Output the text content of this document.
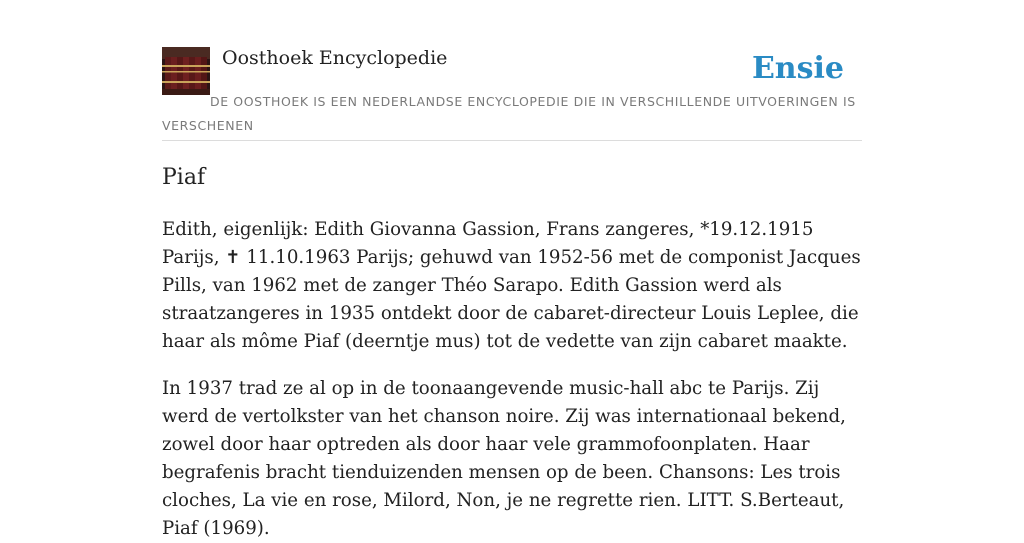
Oosthoek Encyclopedie	Ensie
DE OOSTHOEK IS EEN NEDERLANDSE ENCYCLOPEDIE DIE IN VERSCHILLENDE UITVOERINGEN IS VERSCHENEN
Piaf

Edith, eigenlijk: Edith Giovanna Gassion, Frans zangeres, *19.12.1915 Parijs, ✝ 11.10.1963 Parijs; gehuwd van 1952-56 met de componist Jacques Pills, van 1962 met de zanger Théo Sarapo. Edith Gassion werd als straatzangeres in 1935 ontdekt door de cabaret-directeur Louis Leplee, die haar als môme Piaf (deerntje mus) tot de vedette van zijn cabaret maakte.

In 1937 trad ze al op in de toonaangevende music-hall abc te Parijs. Zij werd de vertolkster van het chanson noire. Zij was internationaal bekend, zowel door haar optreden als door haar vele grammofoonplaten. Haar begrafenis bracht tienduizenden mensen op de been. Chansons: Les trois cloches, La vie en rose, Milord, Non, je ne regrette rien. LITT. S.Berteaut, Piaf (1969).
